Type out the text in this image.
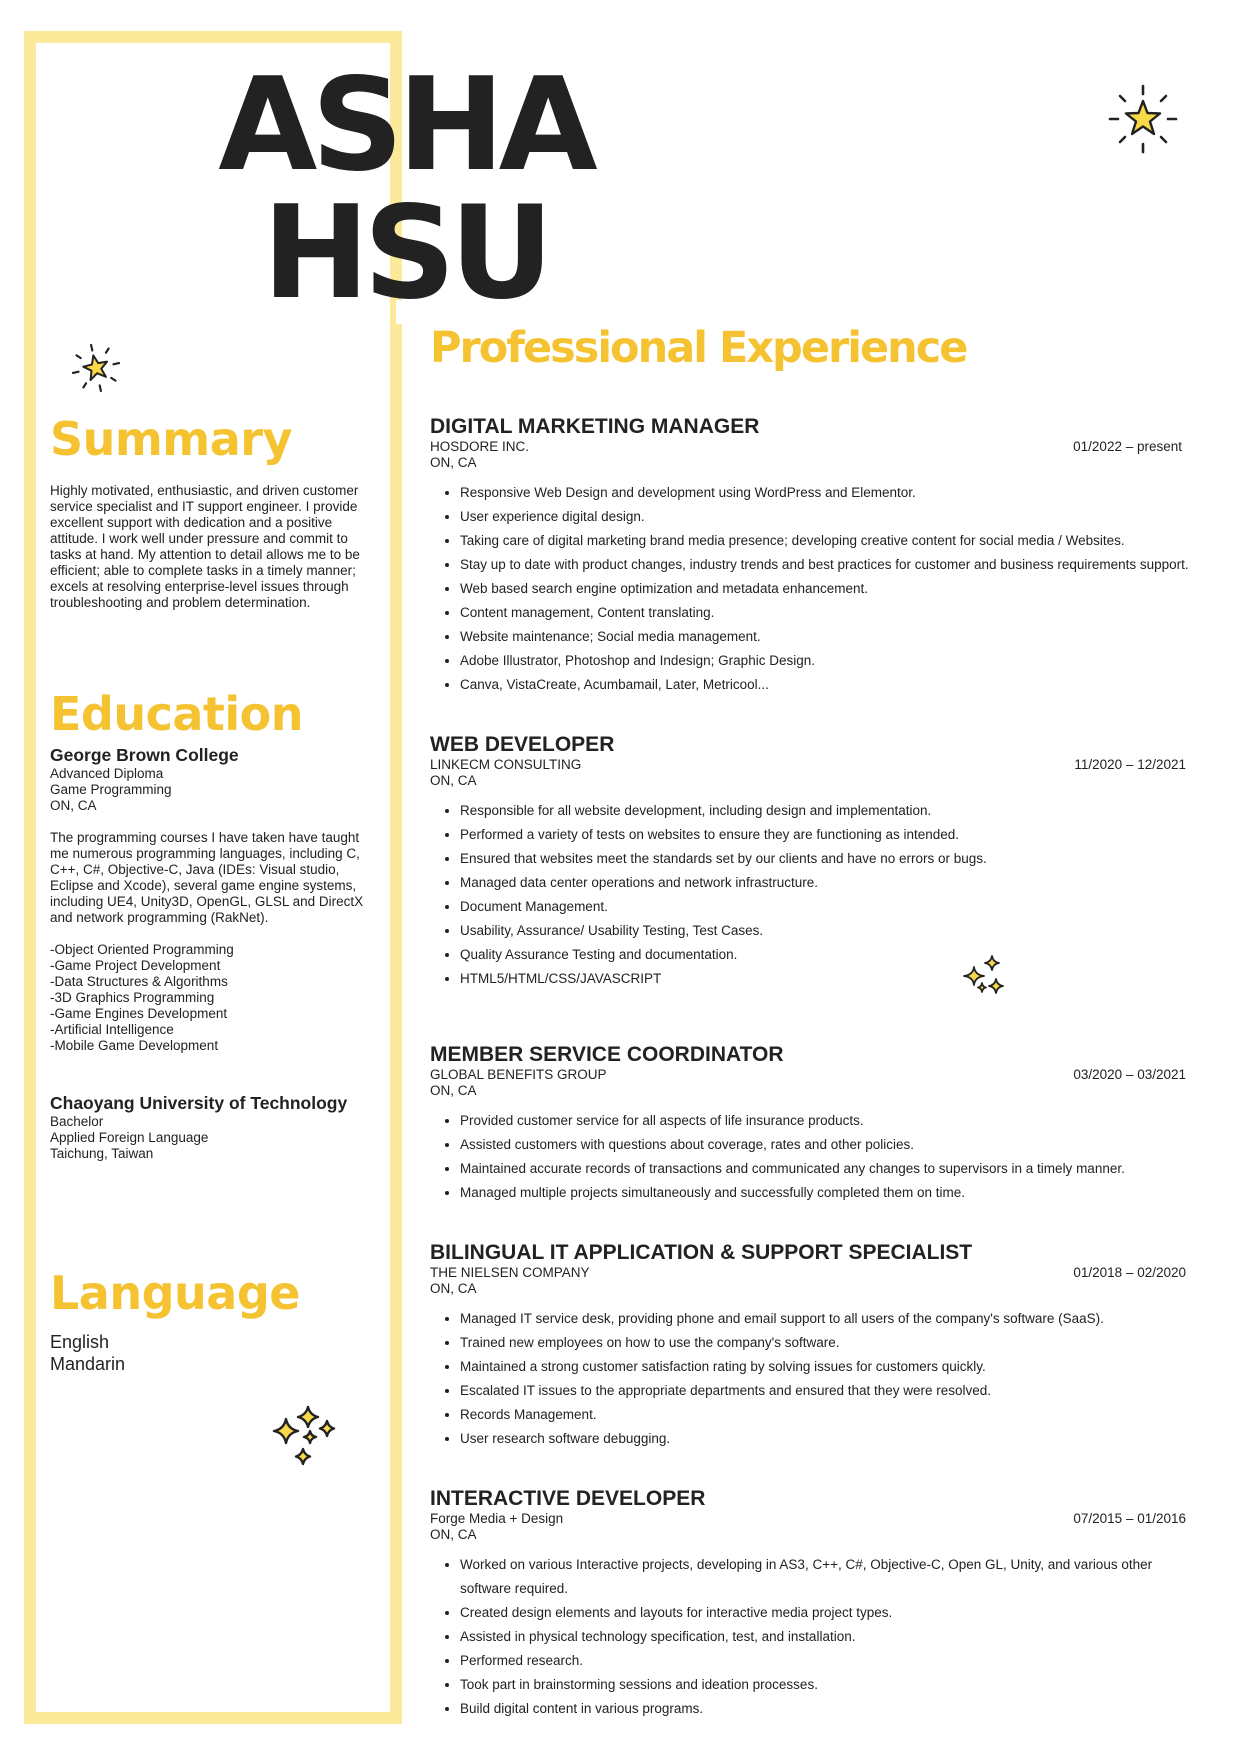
ASHA
HSU
Summary

Highly motivated, enthusiastic, and driven customer service specialist and IT support engineer. I provide excellent support with dedication and a positive attitude. I work well under pressure and commit to tasks at hand. My attention to detail allows me to be efficient; able to complete tasks in a timely manner; excels at resolving enterprise-level issues through troubleshooting and problem determination.

Education

George Brown College

Advanced Diploma
Game Programming
ON, CA

The programming courses I have taken have taught me numerous programming languages, including C, C++, C#, Objective-C, Java (IDEs: Visual studio, Eclipse and Xcode), several game engine systems, including UE4, Unity3D, OpenGL, GLSL and DirectX and network programming (RakNet).

-Object Oriented Programming
-Game Project Development
-Data Structures & Algorithms
-3D Graphics Programming
-Game Engines Development
-Artificial Intelligence
-Mobile Game Development

Chaoyang University of Technology

Bachelor
Applied Foreign Language
Taichung, Taiwan
Language
English
Mandarin
Professional Experience
DIGITAL MARKETING MANAGER
HOSDORE INC.
ON, CA
01/2022 – present
• Responsive Web Design and development using WordPress and Elementor.
• User experience digital design.
• Taking care of digital marketing brand media presence; developing creative content for social media / Websites.
• Stay up to date with product changes, industry trends and best practices for customer and business requirements support.
• Web based search engine optimization and metadata enhancement.
• Content management, Content translating.
• Website maintenance; Social media management.
• Adobe Illustrator, Photoshop and Indesign; Graphic Design.
• Canva, VistaCreate, Acumbamail, Later, Metricool...
WEB DEVELOPER
LINKECM CONSULTING
ON, CA
11/2020 – 12/2021
• Responsible for all website development, including design and implementation.
• Performed a variety of tests on websites to ensure they are functioning as intended.
• Ensured that websites meet the standards set by our clients and have no errors or bugs.
• Managed data center operations and network infrastructure.
• Document Management.
• Usability, Assurance/ Usability Testing, Test Cases.
• Quality Assurance Testing and documentation.
• HTML5/HTML/CSS/JAVASCRIPT
MEMBER SERVICE COORDINATOR
GLOBAL BENEFITS GROUP
ON, CA
03/2020 – 03/2021
• Provided customer service for all aspects of life insurance products.
• Assisted customers with questions about coverage, rates and other policies.
• Maintained accurate records of transactions and communicated any changes to supervisors in a timely manner.
• Managed multiple projects simultaneously and successfully completed them on time.
BILINGUAL IT APPLICATION & SUPPORT SPECIALIST
THE NIELSEN COMPANY
ON, CA
01/2018 – 02/2020
• Managed IT service desk, providing phone and email support to all users of the company's software (SaaS).
• Trained new employees on how to use the company's software.
• Maintained a strong customer satisfaction rating by solving issues for customers quickly.
• Escalated IT issues to the appropriate departments and ensured that they were resolved.
• Records Management.
• User research software debugging.
INTERACTIVE DEVELOPER
Forge Media + Design
ON, CA
07/2015 – 01/2016
• Worked on various Interactive projects, developing in AS3, C++, C#, Objective-C, Open GL, Unity, and various other software required.
• Created design elements and layouts for interactive media project types.
• Assisted in physical technology specification, test, and installation.
• Performed research.
• Took part in brainstorming sessions and ideation processes.
• Build digital content in various programs.
